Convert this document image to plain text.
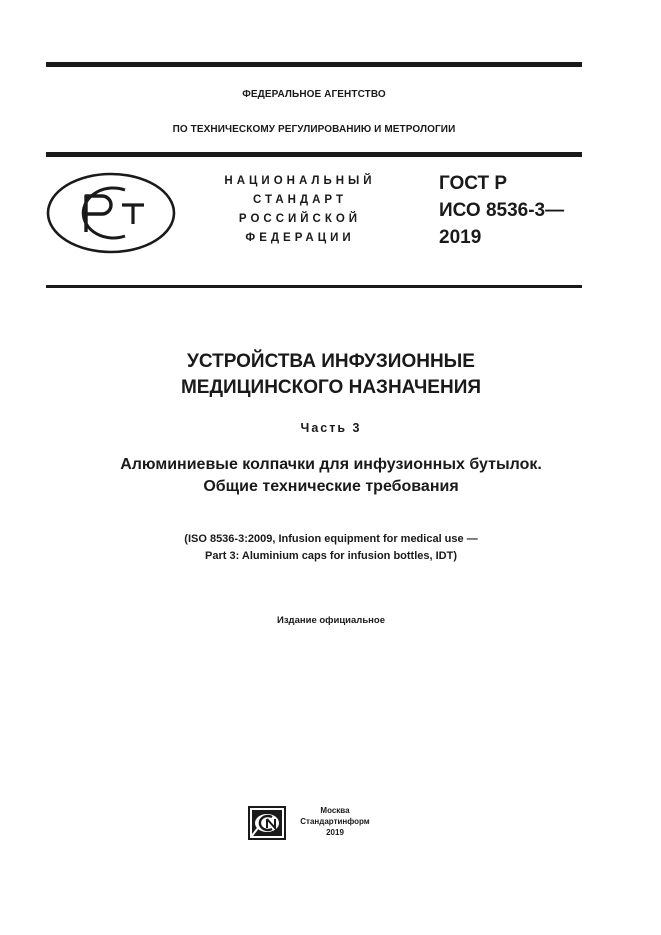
ФЕДЕРАЛЬНОЕ АГЕНТСТВО
ПО ТЕХНИЧЕСКОМУ РЕГУЛИРОВАНИЮ И МЕТРОЛОГИИ
НАЦИОНАЛЬНЫЙ
СТАНДАРТ
РОССИЙСКОЙ
ФЕДЕРАЦИИ
ГОСТ Р
ИСО 8536-3—
2019
УСТРОЙСТВА ИНФУЗИОННЫЕ
МЕДИЦИНСКОГО НАЗНАЧЕНИЯ
Часть 3
Алюминиевые колпачки для инфузионных бутылок.
Общие технические требования
(ISO 8536-3:2009, Infusion equipment for medical use —
Part 3: Aluminium caps for infusion bottles, IDT)
Издание официальное
Москва
Стандартинформ
2019
